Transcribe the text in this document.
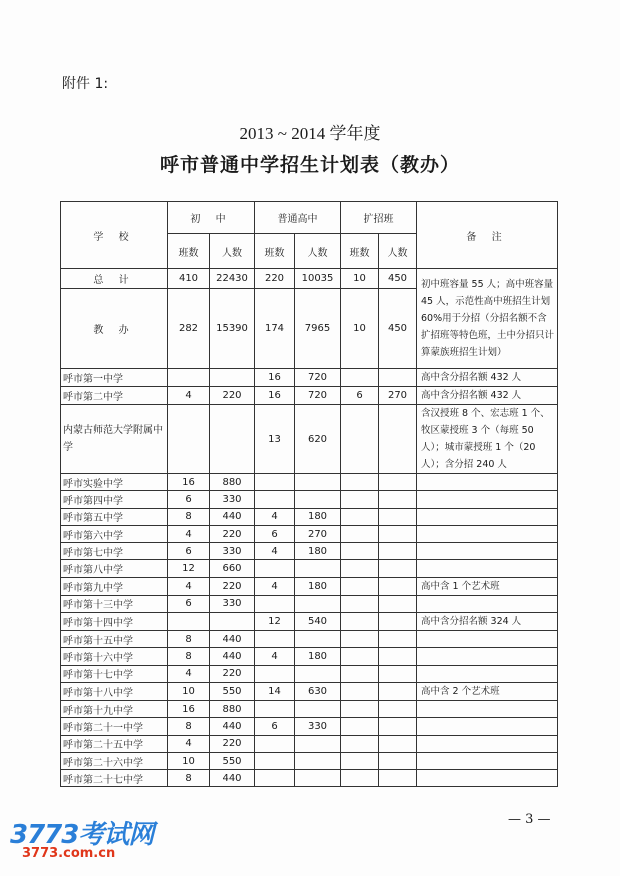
附件 1:
2013 ~ 2014 学年度
呼市普通中学招生计划表（教办）
学 校	初 中		普通高中		扩招班		备 注
	班数	人数	班数	人数	班数	人数	
总 计	410	22430	220	10035	10	450	初中班容量 55 人；高中班容量 45 人，示范性高中班招生计划 60%用于分招（分招名额不含扩招班等特色班，土中分招只计算蒙族班招生计划）
教 办	282	15390	174	7965	10	450	
呼市第一中学			16	720			高中含分招名额 432 人
呼市第二中学	4	220	16	720	6	270	高中含分招名额 432 人
内蒙古师范大学附属中学			13	620			含汉授班 8 个、宏志班 1 个、牧区蒙授班 3 个（每班 50 人）；城市蒙授班 1 个（20 人）；含分招 240 人
呼市实验中学	16	880					
呼市第四中学	6	330					
呼市第五中学	8	440	4	180			
呼市第六中学	4	220	6	270			
呼市第七中学	6	330	4	180			
呼市第八中学	12	660					
呼市第九中学	4	220	4	180			高中含 1 个艺术班
呼市第十三中学	6	330					
呼市第十四中学			12	540			高中含分招名额 324 人
呼市第十五中学	8	440					
呼市第十六中学	8	440	4	180			
呼市第十七中学	4	220					
呼市第十八中学	10	550	14	630			高中含 2 个艺术班
呼市第十九中学	16	880					
呼市第二十一中学	8	440	6	330			
呼市第二十五中学	4	220					
呼市第二十六中学	10	550					
呼市第二十七中学	8	440					
— 3 —
3773考试网
3773.com.cn
